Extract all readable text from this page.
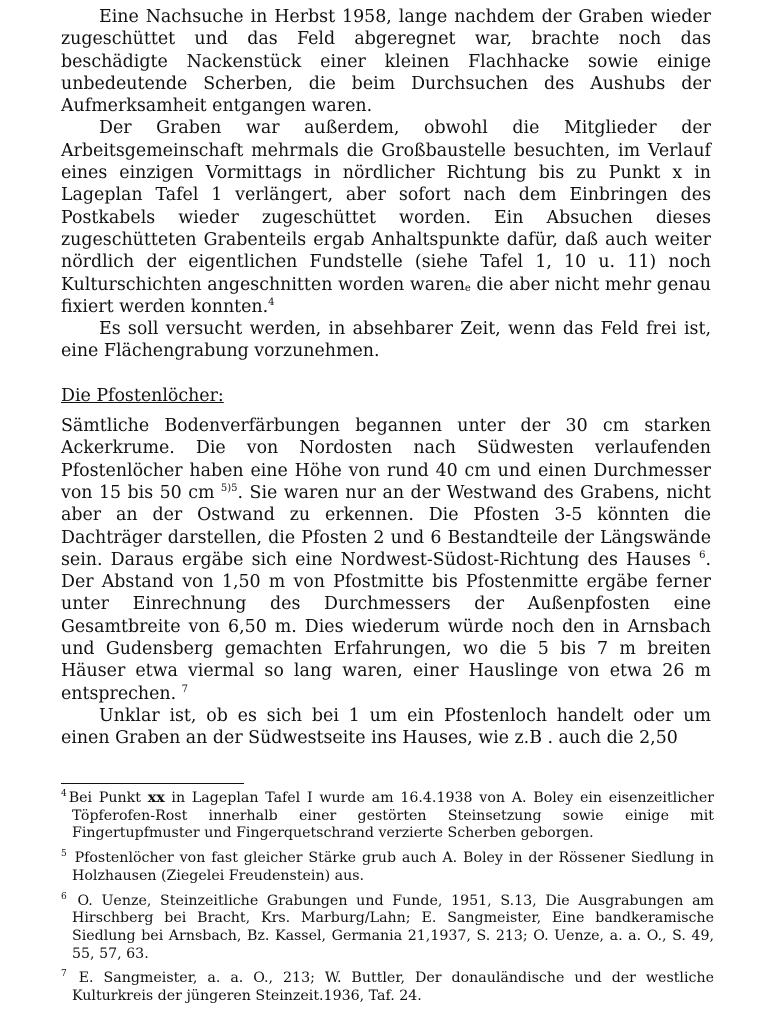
Eine Nachsuche in Herbst 1958, lange nachdem der Graben wieder zugeschüttet und das Feld abgeregnet war, brachte noch das beschädigte Nackenstück einer kleinen Flachhacke sowie einige unbedeutende Scherben, die beim Durchsuchen des Aushubs der Aufmerksamheit entgangen waren.

Der Graben war außerdem, obwohl die Mitglieder der Arbeitsgemeinschaft mehrmals die Großbaustelle besuchten, im Verlauf eines einzigen Vormittags in nördlicher Richtung bis zu Punkt x in Lageplan Tafel 1 verlängert, aber sofort nach dem Einbringen des Postkabels wieder zugeschüttet worden. Ein Absuchen dieses zugeschütteten Grabenteils ergab Anhaltspunkte dafür, daß auch weiter nördlich der eigentlichen Fundstelle (siehe Tafel 1, 10 u. 11) noch Kulturschichten angeschnitten worden waren$_e$ die aber nicht mehr genau fixiert werden konnten.$^4$

Es soll versucht werden, in absehbarer Zeit, wenn das Feld frei ist, eine Flächengrabung vorzunehmen.

Die Pfostenlöcher:

Sämtliche Bodenverfärbungen begannen unter der 30 cm starken Ackerkrume. Die von Nordosten nach Südwesten verlaufenden Pfostenlöcher haben eine Höhe von rund 40 cm und einen Durchmesser von 15 bis 50 cm $^{5)5}$. Sie waren nur an der Westwand des Grabens, nicht aber an der Ostwand zu erkennen. Die Pfosten 3-5 könnten die Dachträger darstellen, die Pfosten 2 und 6 Bestandteile der Längswände sein. Daraus ergäbe sich eine Nordwest-Südost-Richtung des Hauses $^6$. Der Abstand von 1,50 m von Pfostmitte bis Pfostenmitte ergäbe ferner unter Einrechnung des Durchmessers der Außenpfosten eine Gesamtbreite von 6,50 m. Dies wiederum würde noch den in Arnsbach und Gudensberg gemachten Erfahrungen, wo die 5 bis 7 m breiten Häuser etwa viermal so lang waren, einer Hauslinge von etwa 26 m entsprechen. $^7$

Unklar ist, ob es sich bei 1 um ein Pfostenloch handelt oder um einen Graben an der Südwestseite ins Hauses, wie z.B . auch die 2,50

$^4$ Bei Punkt xx in Lageplan Tafel I wurde am 16.4.1938 von A. Boley ein eisenzeitlicher Töpferofen-Rost innerhalb einer gestörten Steinsetzung sowie einige mit Fingertupfmuster und Fingerquetschrand verzierte Scherben geborgen.

$^5$ Pfostenlöcher von fast gleicher Stärke grub auch A. Boley in der Rössener Siedlung in Holzhausen (Ziegelei Freudenstein) aus.

$^6$ O. Uenze, Steinzeitliche Grabungen und Funde, 1951, S.13, Die Ausgrabungen am Hirschberg bei Bracht, Krs. Marburg/Lahn; E. Sangmeister, Eine bandkeramische Siedlung bei Arnsbach, Bz. Kassel, Germania 21,1937, S. 213; O. Uenze, a. a. O., S. 49, 55, 57, 63.

$^7$ E. Sangmeister, a. a. O., 213; W. Buttler, Der donauländische und der westliche Kulturkreis der jüngeren Steinzeit.1936, Taf. 24.
